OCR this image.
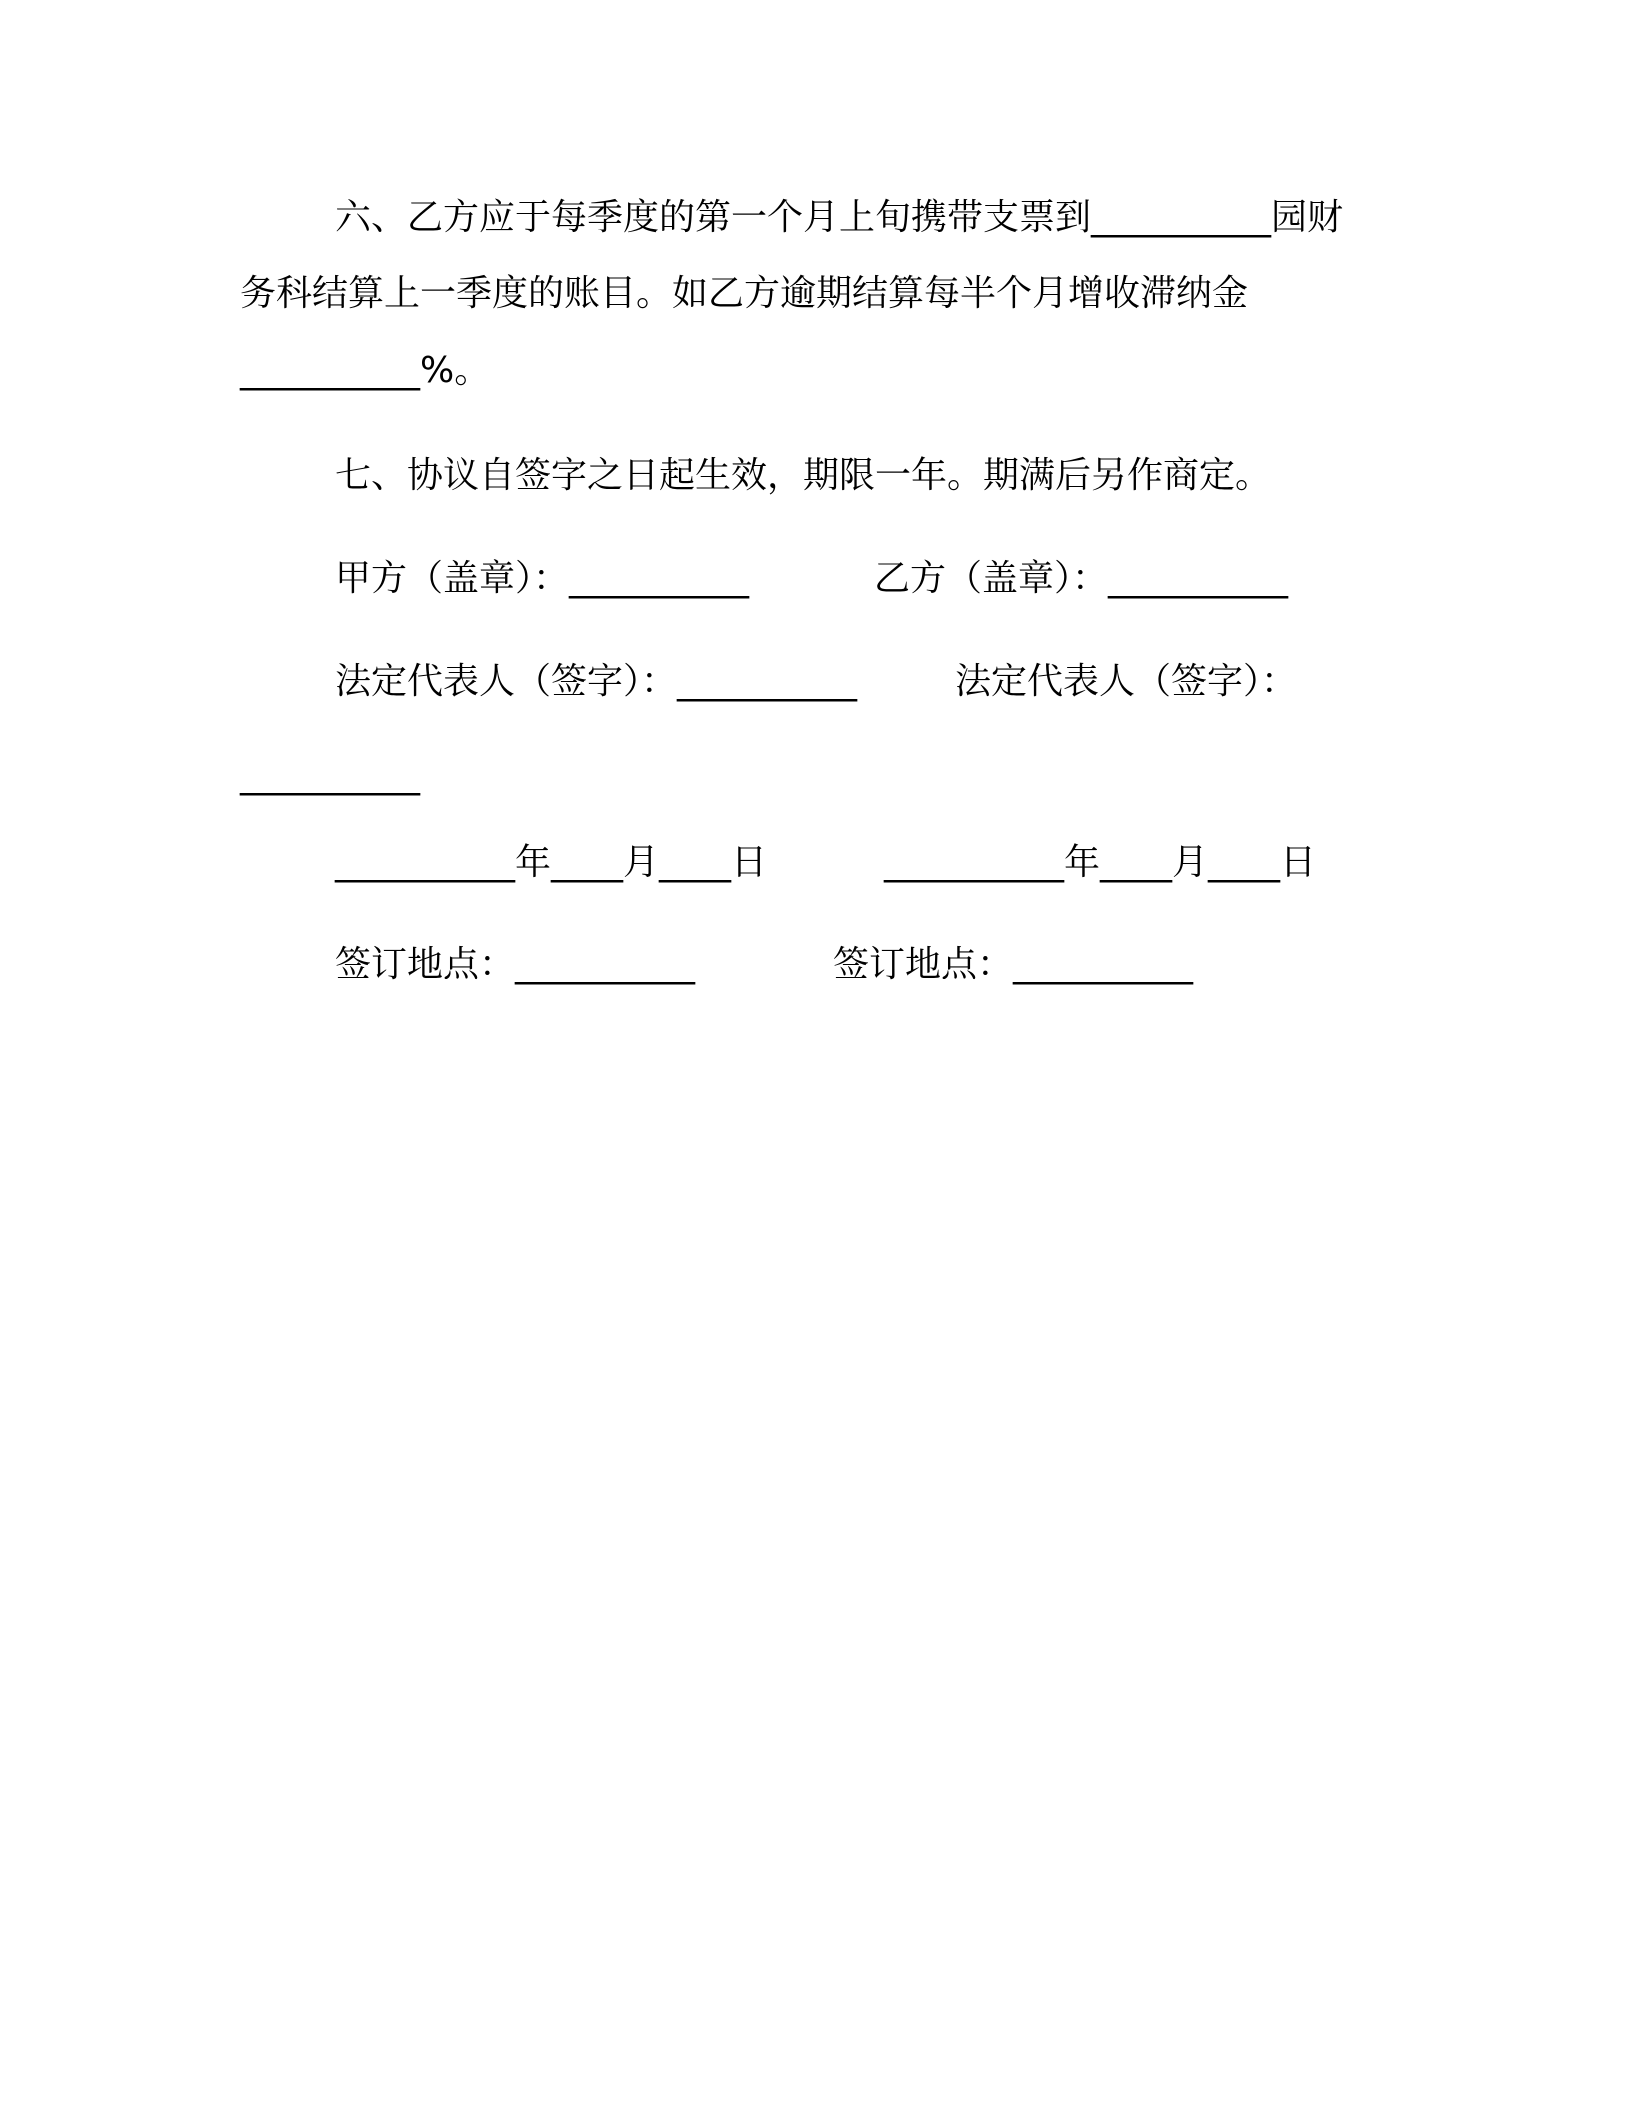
六、乙方应于每季度的第一个月上旬携带支票到__________园财
务科结算上一季度的账目。如乙方逾期结算每半个月增收滞纳金
__________%。
七、协议自签字之日起生效，期限一年。期满后另作商定。
甲方（盖章）：__________	乙方（盖章）：__________
法定代表人（签字）：__________	法定代表人（签字）：
__________
__________年____月____日	__________年____月____日
签订地点：__________	签订地点：__________
